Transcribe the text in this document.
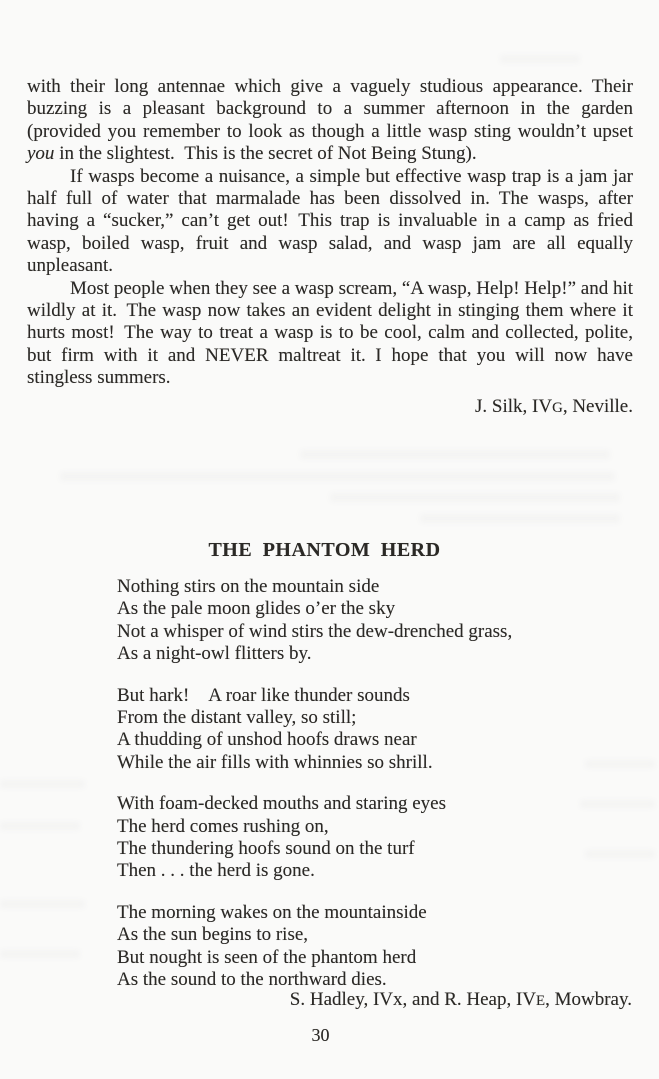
with their long antennae which give a vaguely studious appearance. Their buzzing is a pleasant background to a summer afternoon in the garden (provided you remember to look as though a little wasp sting wouldn’t upset you in the slightest. This is the secret of Not Being Stung).

If wasps become a nuisance, a simple but effective wasp trap is a jam jar half full of water that marmalade has been dissolved in. The wasps, after having a “sucker,” can’t get out! This trap is invaluable in a camp as fried wasp, boiled wasp, fruit and wasp salad, and wasp jam are all equally unpleasant.

Most people when they see a wasp scream, “A wasp, Help! Help!” and hit wildly at it. The wasp now takes an evident delight in stinging them where it hurts most! The way to treat a wasp is to be cool, calm and collected, polite, but firm with it and NEVER maltreat it. I hope that you will now have stingless summers.

J. Silk, IVG, Neville.
THE PHANTOM HERD
Nothing stirs on the mountain side
As the pale moon glides o’er the sky
Not a whisper of wind stirs the dew-drenched grass,
As a night-owl flitters by.
But hark! A roar like thunder sounds
From the distant valley, so still;
A thudding of unshod hoofs draws near
While the air fills with whinnies so shrill.
With foam-decked mouths and staring eyes
The herd comes rushing on,
The thundering hoofs sound on the turf
Then . . . the herd is gone.
The morning wakes on the mountainside
As the sun begins to rise,
But nought is seen of the phantom herd
As the sound to the northward dies.
S. Hadley, IVx, and R. Heap, IVE, Mowbray.
30
